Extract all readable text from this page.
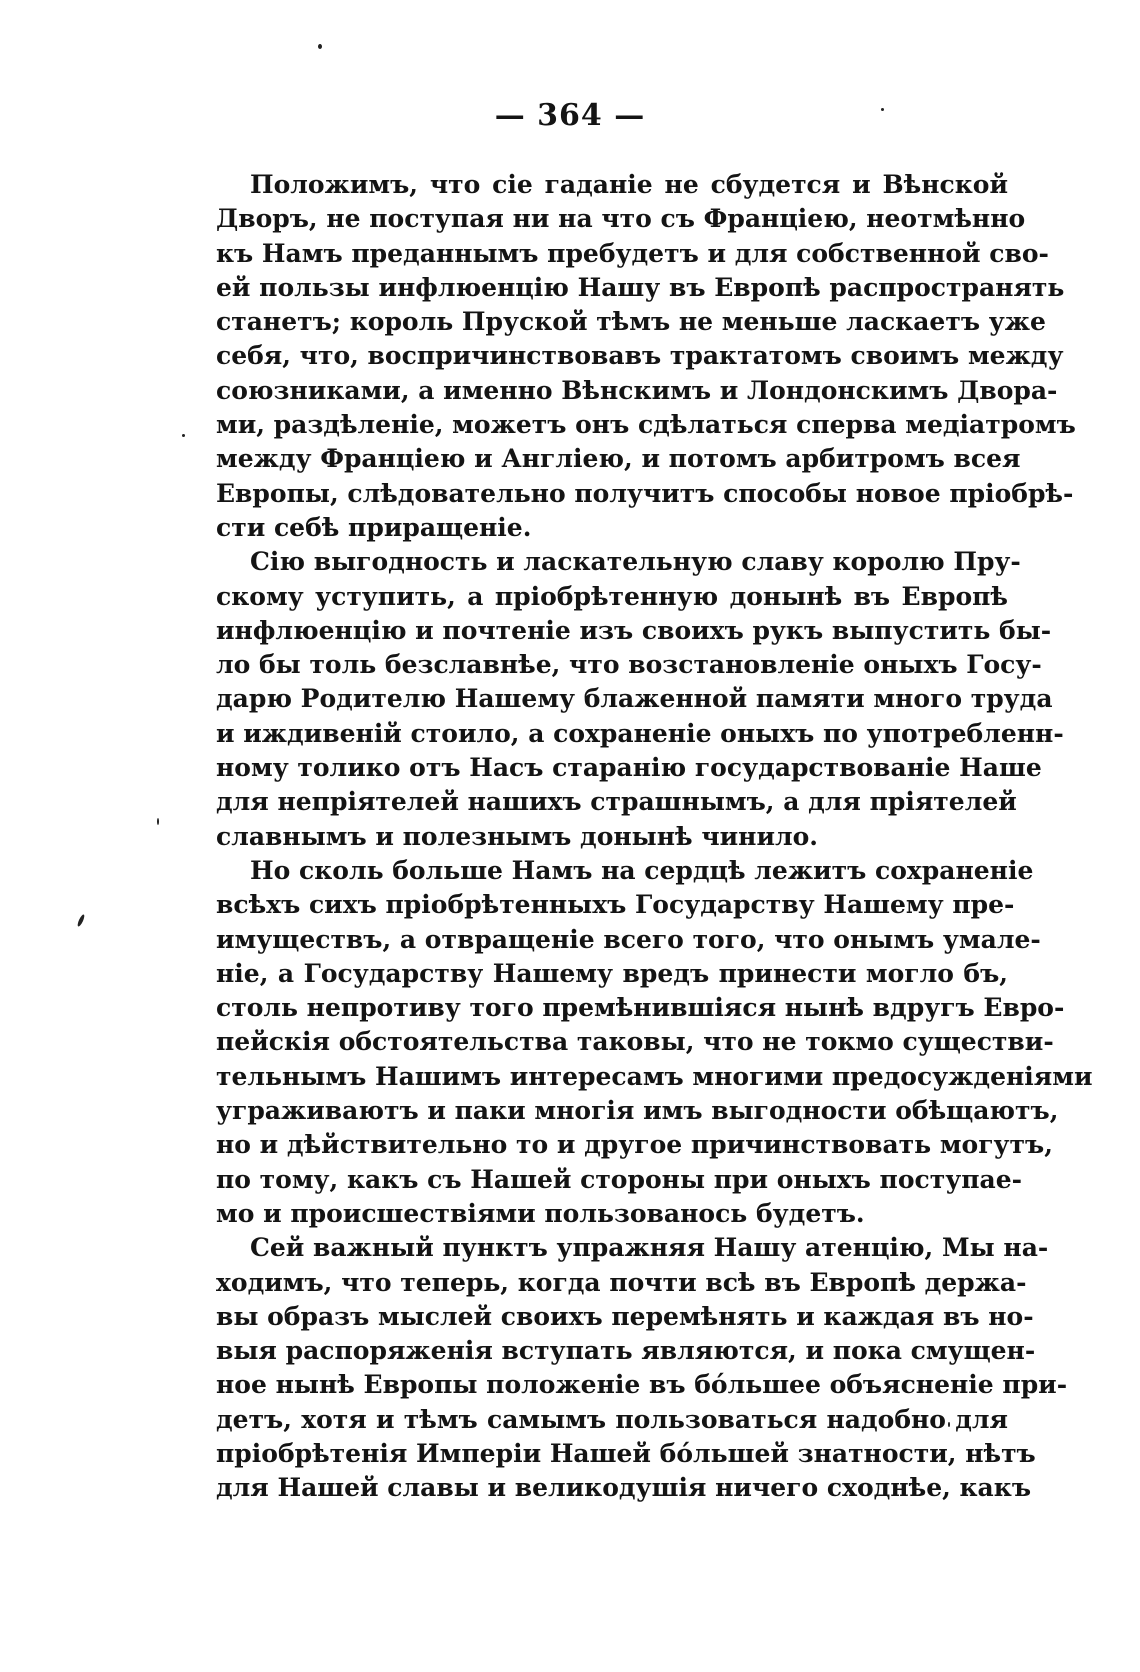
— 364 —
Положимъ, что сіе гаданіе не сбудется и Вѣнской
Дворъ, не поступая ни на что съ Франціею, неотмѣнно
къ Намъ преданнымъ пребудетъ и для собственной сво-
ей пользы инфлюенцію Нашу въ Европѣ распространять
станетъ; король Пруской тѣмъ не меньше ласкаетъ уже
себя, что, воспричинствовавъ трактатомъ своимъ между
союзниками, а именно Вѣнскимъ и Лондонскимъ Двора-
ми, раздѣленіе, можетъ онъ сдѣлаться сперва медіатромъ
между Франціею и Англіею, и потомъ арбитромъ всея
Европы, слѣдовательно получитъ способы новое пріобрѣ-
сти себѣ приращеніе.
Сію выгодность и ласкательную славу королю Пру-
скому уступить, а пріобрѣтенную донынѣ въ Европѣ
инфлюенцію и почтеніе изъ своихъ рукъ выпустить бы-
ло бы толь безславнѣе, что возстановленіе оныхъ Госу-
дарю Родителю Нашему блаженной памяти много труда
и иждивеній стоило, а сохраненіе оныхъ по употребленн-
ному толико отъ Насъ старанію государствованіе Наше
для непріятелей нашихъ страшнымъ, а для пріятелей
славнымъ и полезнымъ донынѣ чинило.
Но сколь больше Намъ на сердцѣ лежитъ сохраненіе
всѣхъ сихъ пріобрѣтенныхъ Государству Нашему пре-
имуществъ, а отвращеніе всего того, что онымъ умале-
ніе, а Государству Нашему вредъ принести могло бъ,
столь непротиву того премѣнившіяся нынѣ вдругъ Евро-
пейскія обстоятельства таковы, что не токмо существи-
тельнымъ Нашимъ интересамъ многими предосужденіями
уграживаютъ и паки многія имъ выгодности обѣщаютъ,
но и дѣйствительно то и другое причинствовать могутъ,
по тому, какъ съ Нашей стороны при оныхъ поступае-
мо и происшествіями пользованось будетъ.
Сей важный пунктъ упражняя Нашу атенцію, Мы на-
ходимъ, что теперь, когда почти всѣ въ Европѣ держа-
вы образъ мыслей своихъ перемѣнять и каждая въ но-
выя распоряженія вступать являются, и пока смущен-
ное нынѣ Европы положеніе въ бо́льшее объясненіе при-
детъ, хотя и тѣмъ самымъ пользоваться надобно для
пріобрѣтенія Имперіи Нашей бо́льшей знатности, нѣтъ
для Нашей славы и великодушія ничего сходнѣе, какъ
